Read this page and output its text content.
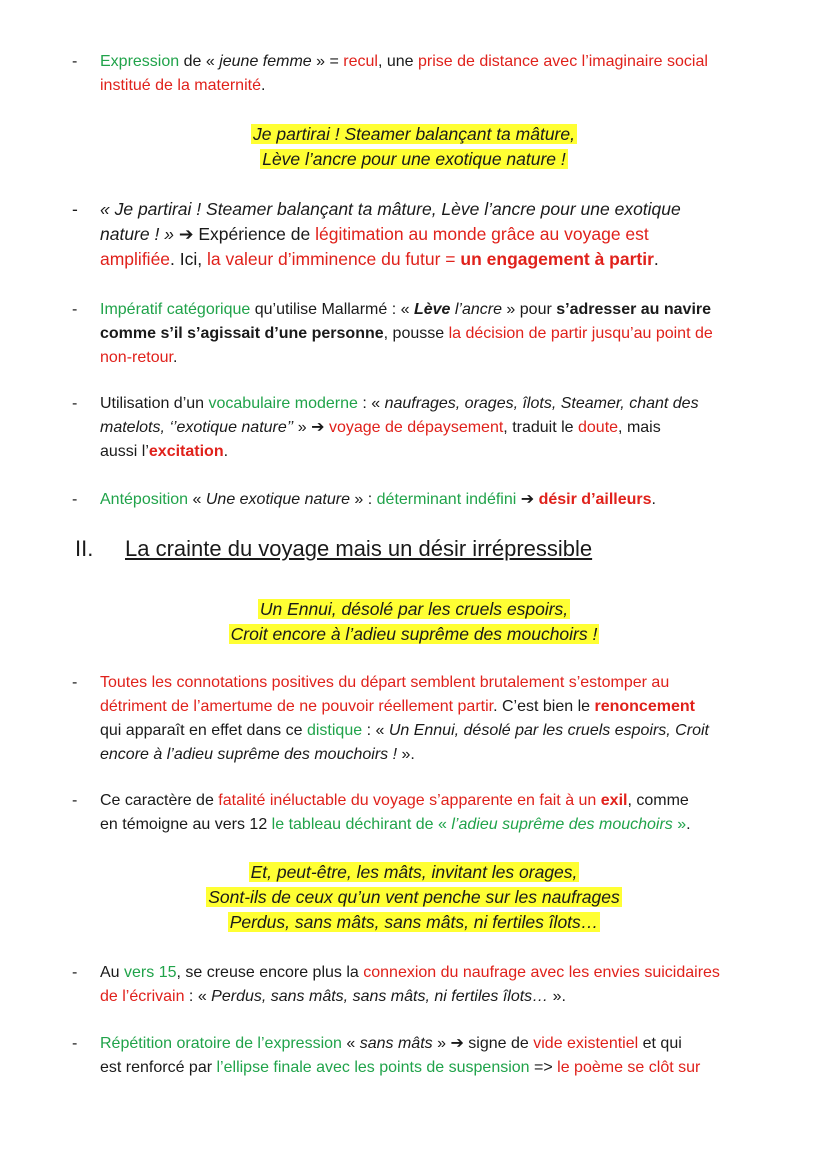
- Expression de « jeune femme » = recul, une prise de distance avec l’imaginaire social
institué de la maternité.
Je partirai ! Steamer balançant ta mâture,
Lève l’ancre pour une exotique nature !
- « Je partirai ! Steamer balançant ta mâture, Lève l’ancre pour une exotique
nature ! » ➔ Expérience de légitimation au monde grâce au voyage est
amplifiée. Ici, la valeur d’imminence du futur = un engagement à partir.
- Impératif catégorique qu’utilise Mallarmé : « Lève l’ancre » pour s’adresser au navire
comme s’il s’agissait d’une personne, pousse la décision de partir jusqu’au point de
non-retour.
- Utilisation d’un vocabulaire moderne : « naufrages, orages, îlots, Steamer, chant des
matelots, ‘’exotique nature’’ » ➔ voyage de dépaysement, traduit le doute, mais
aussi l’excitation.
- Antéposition « Une exotique nature » : déterminant indéfini ➔ désir d’ailleurs.
II. La crainte du voyage mais un désir irrépressible
Un Ennui, désolé par les cruels espoirs,
Croit encore à l’adieu suprême des mouchoirs !
- Toutes les connotations positives du départ semblent brutalement s’estomper au
détriment de l’amertume de ne pouvoir réellement partir. C’est bien le renoncement
qui apparaît en effet dans ce distique : « Un Ennui, désolé par les cruels espoirs, Croit
encore à l’adieu suprême des mouchoirs ! ».
- Ce caractère de fatalité inéluctable du voyage s’apparente en fait à un exil, comme
en témoigne au vers 12 le tableau déchirant de « l’adieu suprême des mouchoirs ».
Et, peut-être, les mâts, invitant les orages,
Sont-ils de ceux qu’un vent penche sur les naufrages
Perdus, sans mâts, sans mâts, ni fertiles îlots…
- Au vers 15, se creuse encore plus la connexion du naufrage avec les envies suicidaires
de l’écrivain : « Perdus, sans mâts, sans mâts, ni fertiles îlots… ».
- Répétition oratoire de l’expression « sans mâts » ➔ signe de vide existentiel et qui
est renforcé par l’ellipse finale avec les points de suspension => le poème se clôt sur
